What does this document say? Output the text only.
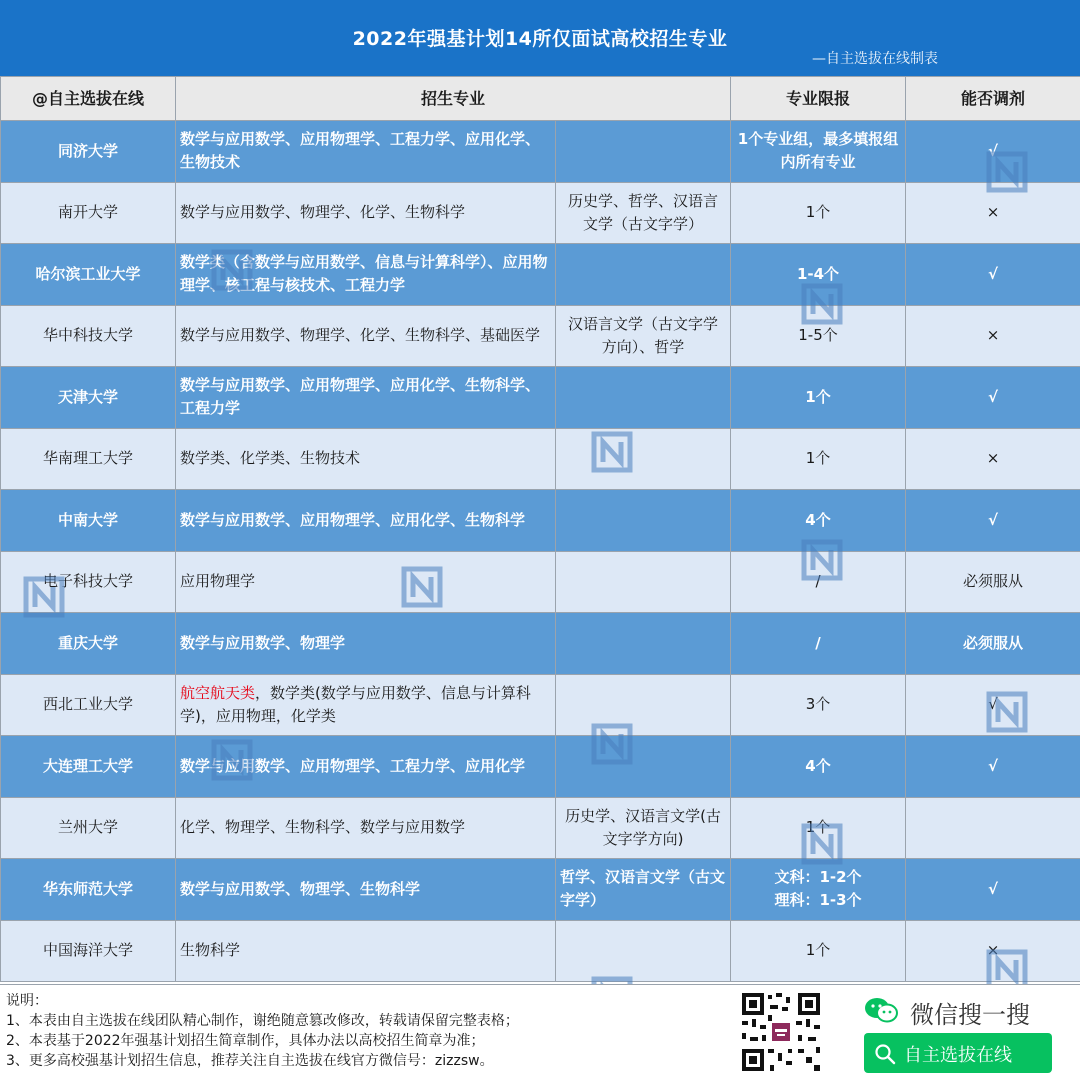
2022年强基计划14所仅面试高校招生专业
—自主选拔在线制表
@自主选拔在线	招生专业		专业限报	能否调剂
同济大学	数学与应用数学、应用物理学、工程力学、应用化学、生物技术		1个专业组，最多填报组内所有专业	√
南开大学	数学与应用数学、物理学、化学、生物科学	历史学、哲学、汉语言文学（古文字学）	1个	×
哈尔滨工业大学	数学类（含数学与应用数学、信息与计算科学）、应用物理学、核工程与核技术、工程力学		1-4个	√
华中科技大学	数学与应用数学、物理学、化学、生物科学、基础医学	汉语言文学（古文字学方向）、哲学	1-5个	×
天津大学	数学与应用数学、应用物理学、应用化学、生物科学、工程力学		1个	√
华南理工大学	数学类、化学类、生物技术		1个	×
中南大学	数学与应用数学、应用物理学、应用化学、生物科学		4个	√
电子科技大学	应用物理学		/	必须服从
重庆大学	数学与应用数学、物理学		/	必须服从
西北工业大学	航空航天类，数学类(数学与应用数学、信息与计算科学)，应用物理，化学类		3个	√
大连理工大学	数学与应用数学、应用物理学、工程力学、应用化学		4个	√
兰州大学	化学、物理学、生物科学、数学与应用数学	历史学、汉语言文学(古文字学方向)	1个	
华东师范大学	数学与应用数学、物理学、生物科学	哲学、汉语言文学（古文字学）	文科：1-2个
理科：1-3个	√
中国海洋大学	生物科学		1个	×
说明：
1、本表由自主选拔在线团队精心制作，谢绝随意篡改修改，转载请保留完整表格；
2、本表基于2022年强基计划招生简章制作，具体办法以高校招生简章为准；
3、更多高校强基计划招生信息，推荐关注自主选拔在线官方微信号：zizzsw。
微信搜一搜
自主选拔在线
